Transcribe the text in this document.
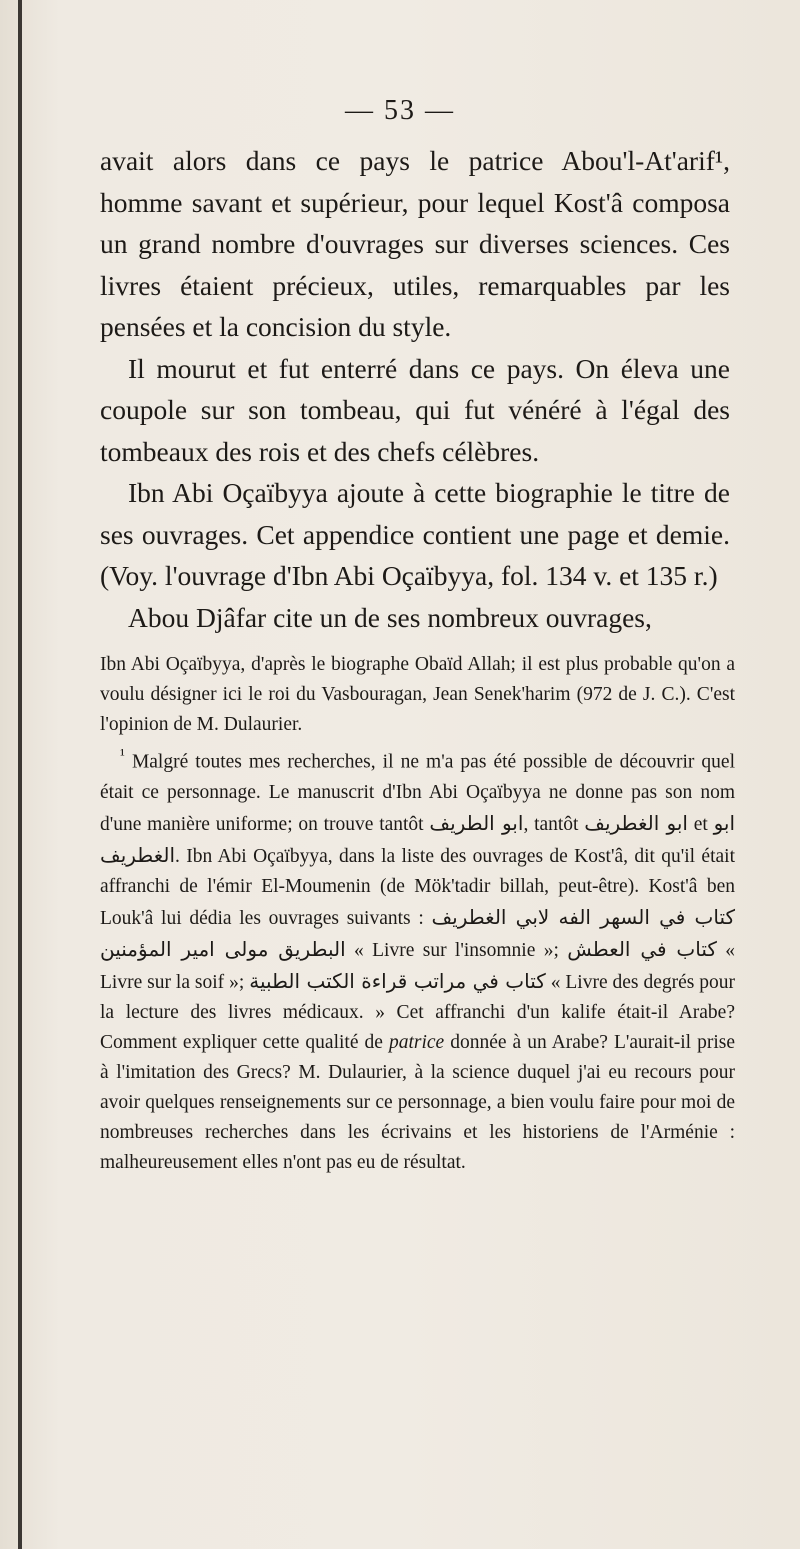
— 53 —

avait alors dans ce pays le patrice Abou'l-At'arif¹, homme savant et supérieur, pour lequel Kost'â composa un grand nombre d'ouvrages sur diverses sciences. Ces livres étaient précieux, utiles, remarquables par les pensées et la concision du style.

Il mourut et fut enterré dans ce pays. On éleva une coupole sur son tombeau, qui fut vénéré à l'égal des tombeaux des rois et des chefs célèbres.

Ibn Abi Oçaïbyya ajoute à cette biographie le titre de ses ouvrages. Cet appendice contient une page et demie. (Voy. l'ouvrage d'Ibn Abi Oçaïbyya, fol. 134 v. et 135 r.)

Abou Djâfar cite un de ses nombreux ouvrages,

Ibn Abi Oçaïbyya, d'après le biographe Obaïd Allah; il est plus probable qu'on a voulu désigner ici le roi du Vasbouragan, Jean Senek'harim (972 de J. C.). C'est l'opinion de M. Dulaurier.

$^{^1}$ Malgré toutes mes recherches, il ne m'a pas été possible de découvrir quel était ce personnage. Le manuscrit d'Ibn Abi Oçaïbyya ne donne pas son nom d'une manière uniforme; on trouve tantôt ابو الطريف, tantôt ابو الغطريف et ابو الغطريف. Ibn Abi Oçaïbyya, dans la liste des ouvrages de Kost'â, dit qu'il était affranchi de l'émir El-Moumenin (de Mök'tadir billah, peut-être). Kost'â ben Louk'â lui dédia les ouvrages suivants : كتاب في السهر الفه لابي الغطريف البطريق مولى امير المؤمنين « Livre sur l'insomnie »; كتاب في العطش « Livre sur la soif »; كتاب في مراتب قراءة الكتب الطبية « Livre des degrés pour la lecture des livres médicaux. » Cet affranchi d'un kalife était-il Arabe? Comment expliquer cette qualité de patrice donnée à un Arabe? L'aurait-il prise à l'imitation des Grecs? M. Dulaurier, à la science duquel j'ai eu recours pour avoir quelques renseignements sur ce personnage, a bien voulu faire pour moi de nombreuses recherches dans les écrivains et les historiens de l'Arménie : malheureusement elles n'ont pas eu de résultat.
